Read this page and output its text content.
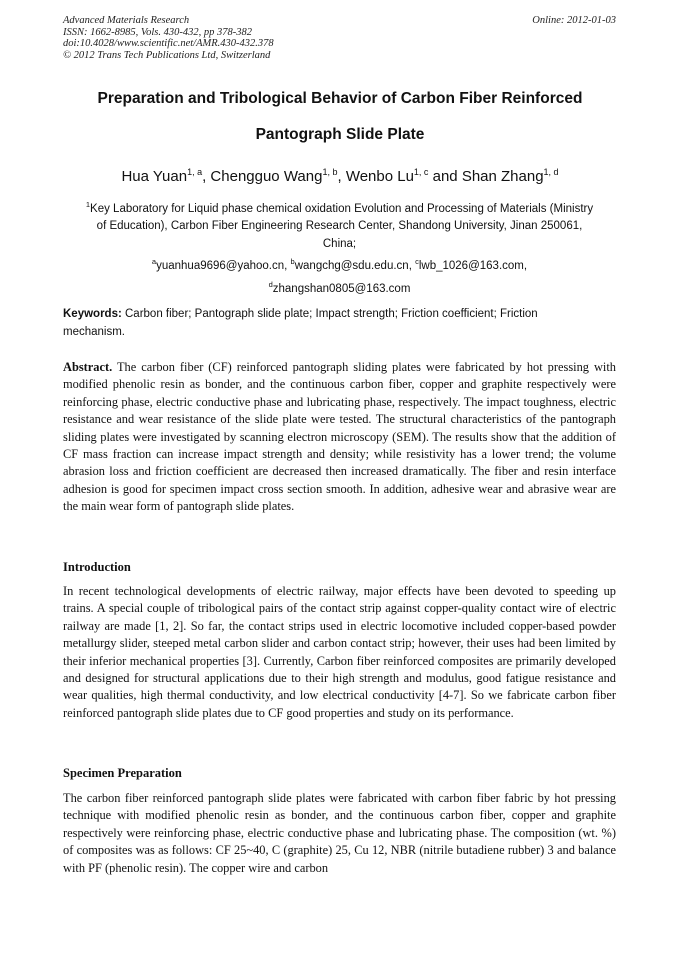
Advanced Materials Research
ISSN: 1662-8985, Vols. 430-432, pp 378-382
doi:10.4028/www.scientific.net/AMR.430-432.378
© 2012 Trans Tech Publications Ltd, Switzerland
Online: 2012-01-03
Preparation and Tribological Behavior of Carbon Fiber Reinforced
Pantograph Slide Plate
Hua Yuan$^{1, a}$, Chengguo Wang$^{1, b}$, Wenbo Lu$^{1, c}$ and Shan Zhang$^{1, d}$
$^1$Key Laboratory for Liquid phase chemical oxidation Evolution and Processing of Materials (Ministry
of Education), Carbon Fiber Engineering Research Center, Shandong University, Jinan 250061,
China;
$^a$yuanhua9696@yahoo.cn, $^b$wangchg@sdu.edu.cn, $^c$lwb_1026@163.com,
$^d$zhangshan0805@163.com
Keywords: Carbon fiber; Pantograph slide plate; Impact strength; Friction coefficient; Friction
mechanism.
Abstract. The carbon fiber (CF) reinforced pantograph sliding plates were fabricated by hot pressing with modified phenolic resin as bonder, and the continuous carbon fiber, copper and graphite respectively were reinforcing phase, electric conductive phase and lubricating phase, respectively. The impact toughness, electric resistance and wear resistance of the slide plate were tested. The structural characteristics of the pantograph sliding plates were investigated by scanning electron microscopy (SEM). The results show that the addition of CF mass fraction can increase impact strength and density; while resistivity has a lower trend; the volume abrasion loss and friction coefficient are decreased then increased dramatically. The fiber and resin interface adhesion is good for specimen impact cross section smooth. In addition, adhesive wear and abrasive wear are the main wear form of pantograph slide plates.
Introduction
In recent technological developments of electric railway, major effects have been devoted to speeding up trains. A special couple of tribological pairs of the contact strip against copper-quality contact wire of electric railway are made [1, 2]. So far, the contact strips used in electric locomotive included copper-based powder metallurgy slider, steeped metal carbon slider and carbon contact strip; however, their uses had been limited by their inferior mechanical properties [3]. Currently, Carbon fiber reinforced composites are primarily developed and designed for structural applications due to their high strength and modulus, good fatigue resistance and wear qualities, high thermal conductivity, and low electrical conductivity [4-7]. So we fabricate carbon fiber reinforced pantograph slide plates due to CF good properties and study on its performance.
Specimen Preparation
The carbon fiber reinforced pantograph slide plates were fabricated with carbon fiber fabric by hot pressing technique with modified phenolic resin as bonder, and the continuous carbon fiber, copper and graphite respectively were reinforcing phase, electric conductive phase and lubricating phase. The composition (wt. %) of composites was as follows: CF 25~40, C (graphite) 25, Cu 12, NBR (nitrile butadiene rubber) 3 and balance with PF (phenolic resin). The copper wire and carbon
